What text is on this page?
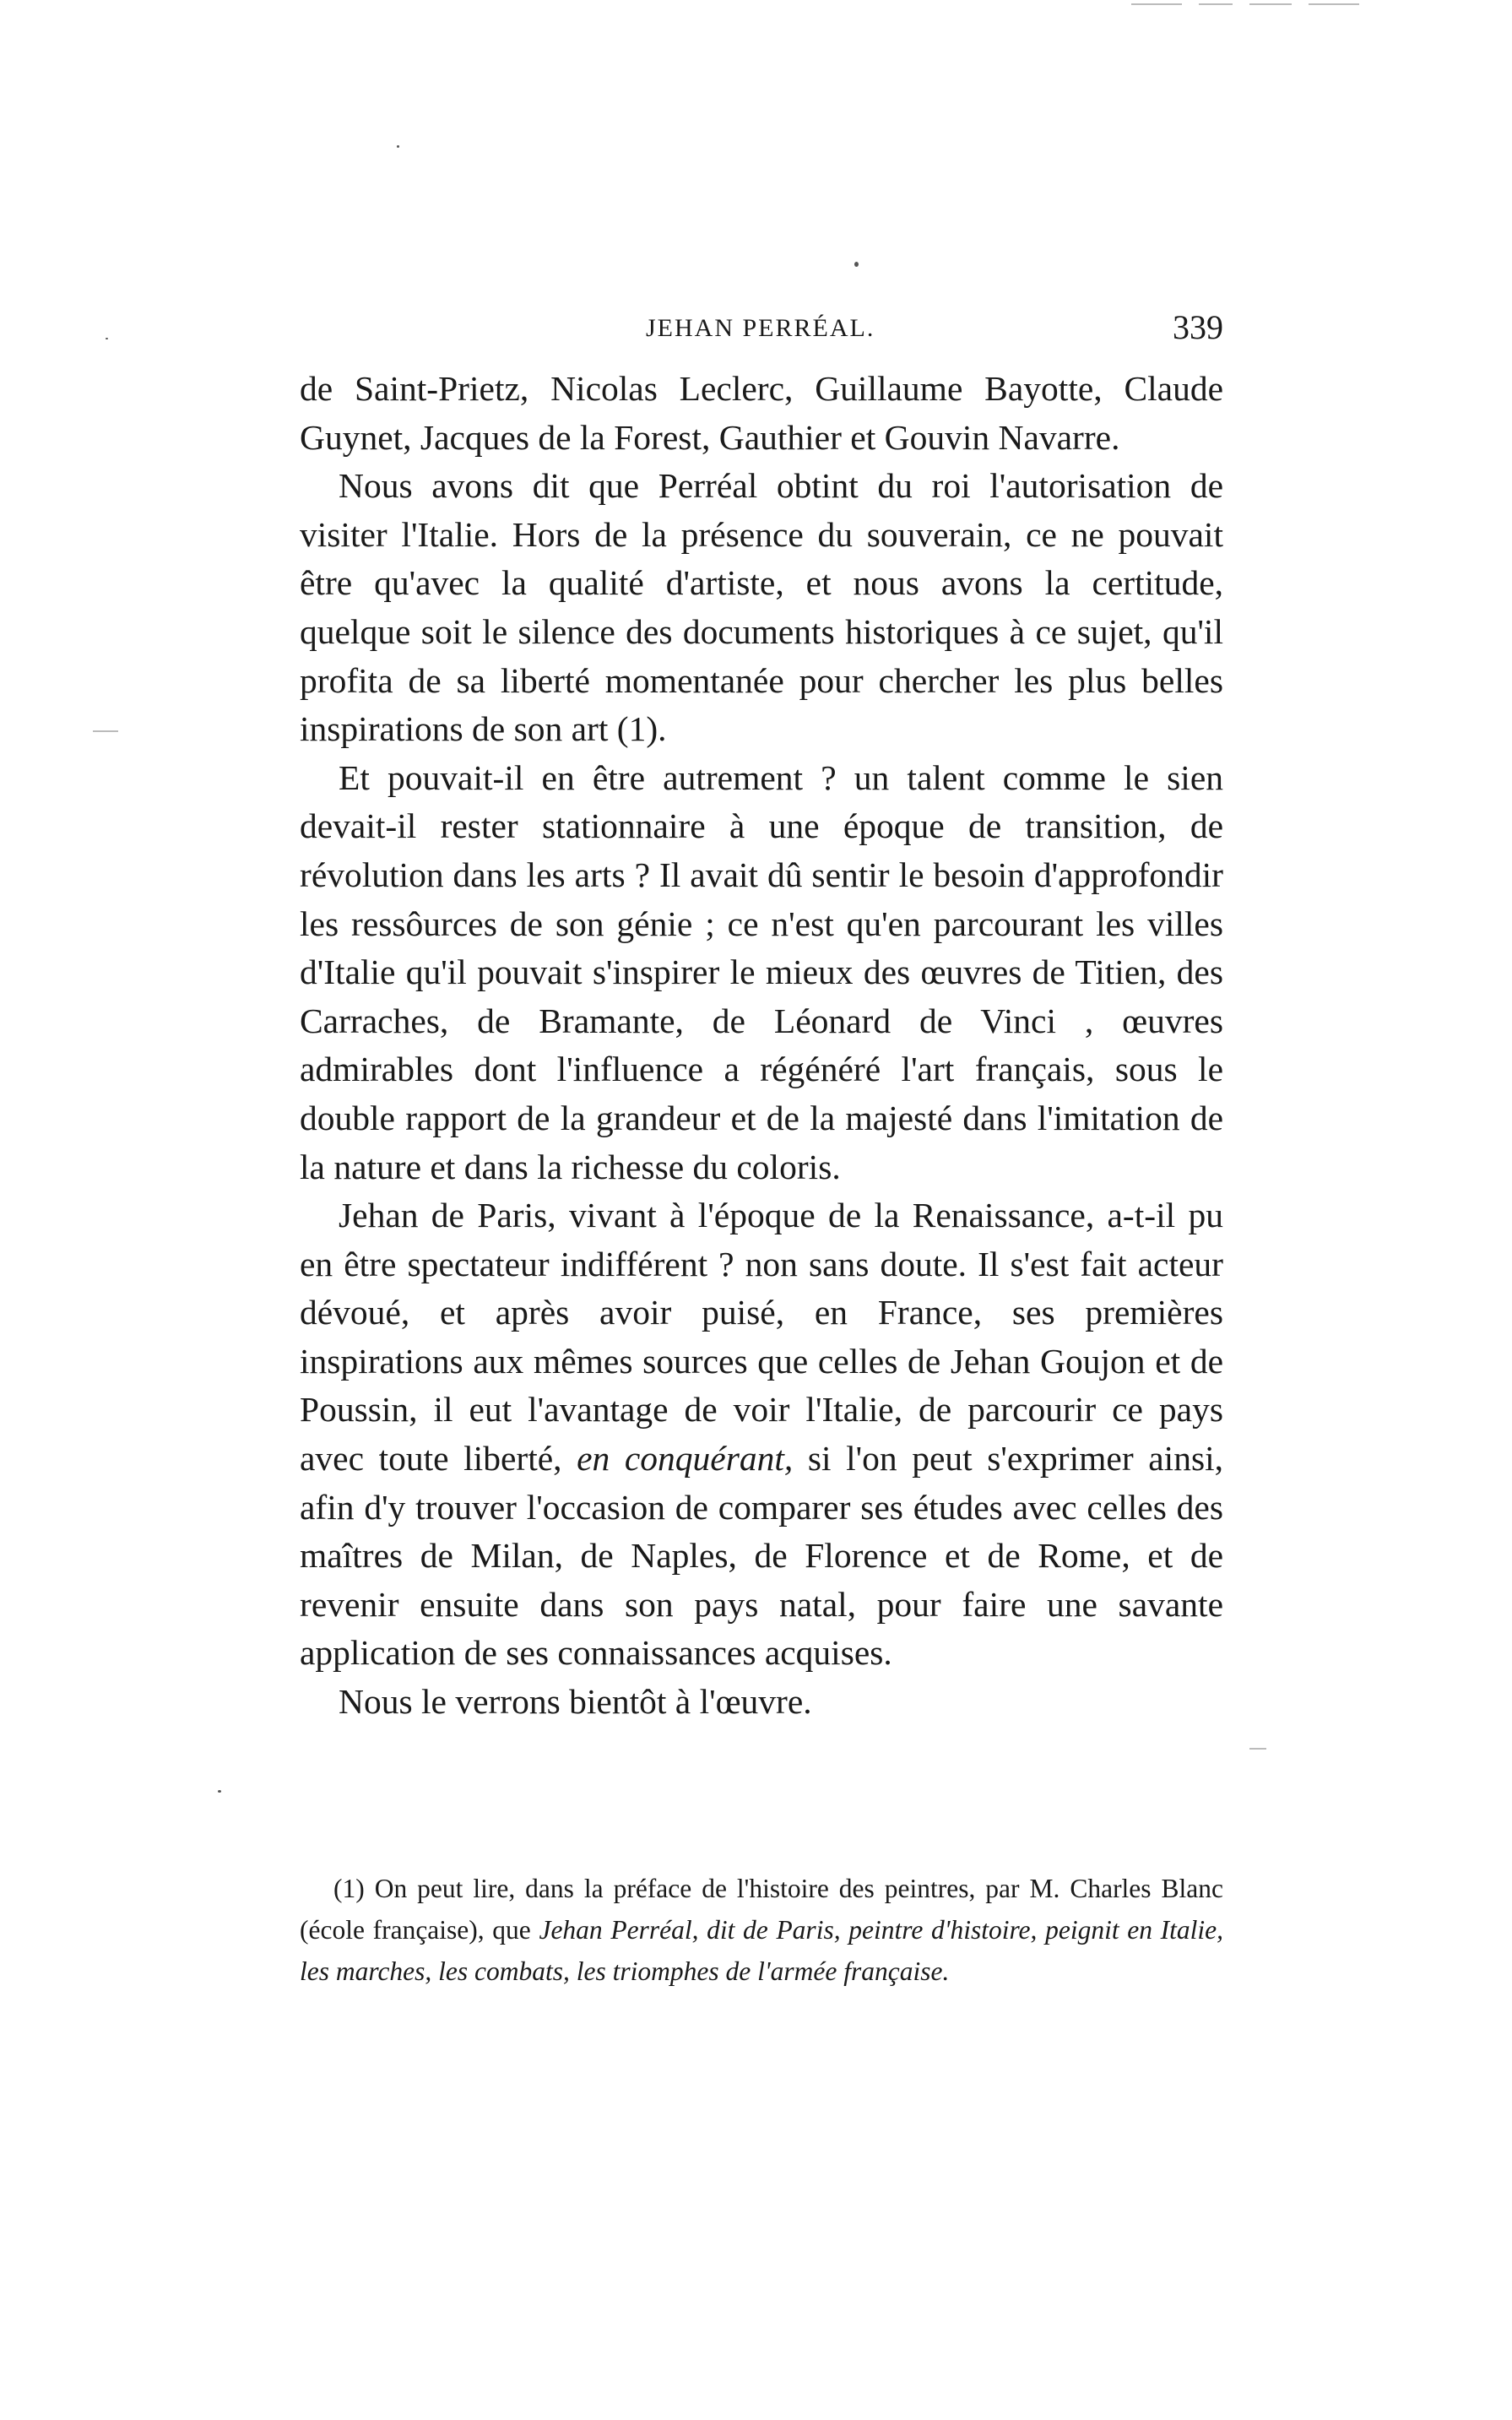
JEHAN PERRÉAL.	339

de Saint-Prietz, Nicolas Leclerc, Guillaume Bayotte, Claude Guynet, Jacques de la Forest, Gauthier et Gouvin Navarre.

Nous avons dit que Perréal obtint du roi l'autorisation de visiter l'Italie. Hors de la présence du souverain, ce ne pouvait être qu'avec la qualité d'artiste, et nous avons la certitude, quelque soit le silence des documents historiques à ce sujet, qu'il profita de sa liberté momentanée pour chercher les plus belles inspirations de son art (1).

Et pouvait-il en être autrement ? un talent comme le sien devait-il rester stationnaire à une époque de transition, de révolution dans les arts ? Il avait dû sentir le besoin d'approfondir les ressôurces de son génie ; ce n'est qu'en parcourant les villes d'Italie qu'il pouvait s'inspirer le mieux des œuvres de Titien, des Carraches, de Bramante, de Léonard de Vinci , œuvres admirables dont l'influence a régénéré l'art français, sous le double rapport de la grandeur et de la majesté dans l'imitation de la nature et dans la richesse du coloris.

Jehan de Paris, vivant à l'époque de la Renaissance, a-t-il pu en être spectateur indifférent ? non sans doute. Il s'est fait acteur dévoué, et après avoir puisé, en France, ses premières inspirations aux mêmes sources que celles de Jehan Goujon et de Poussin, il eut l'avantage de voir l'Italie, de parcourir ce pays avec toute liberté, en conquérant, si l'on peut s'exprimer ainsi, afin d'y trouver l'occasion de comparer ses études avec celles des maîtres de Milan, de Naples, de Florence et de Rome, et de revenir ensuite dans son pays natal, pour faire une savante application de ses connaissances acquises.

Nous le verrons bientôt à l'œuvre.

(1) On peut lire, dans la préface de l'histoire des peintres, par M. Charles Blanc (école française), que Jehan Perréal, dit de Paris, peintre d'histoire, peignit en Italie, les marches, les combats, les triomphes de l'armée française.
